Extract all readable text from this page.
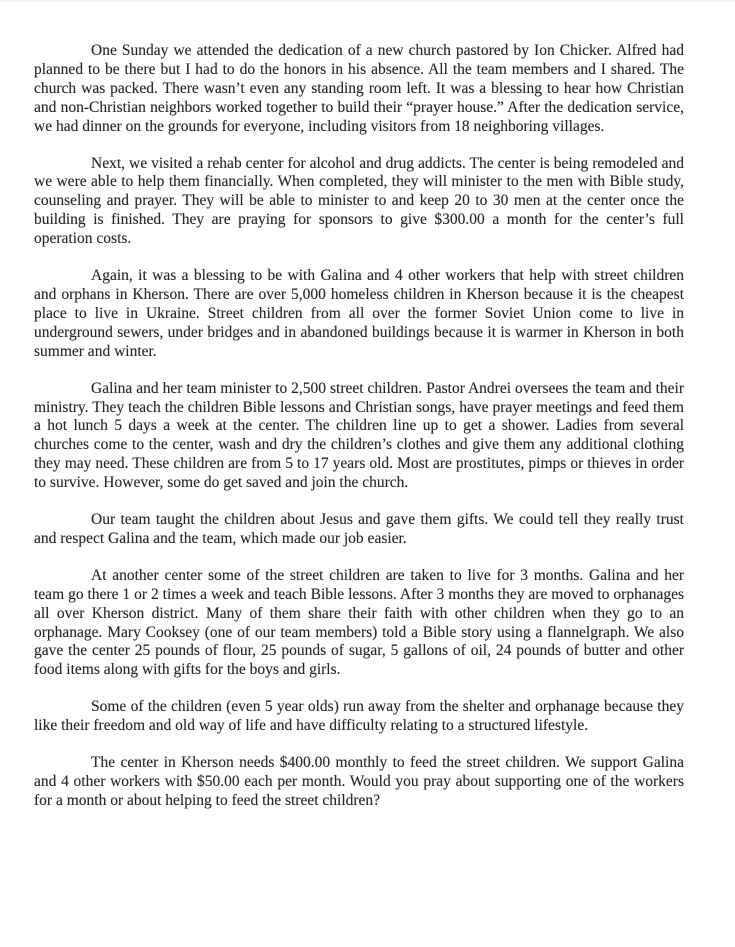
One Sunday we attended the dedication of a new church pastored by Ion Chicker. Alfred had planned to be there but I had to do the honors in his absence. All the team members and I shared. The church was packed. There wasn’t even any standing room left. It was a blessing to hear how Christian and non-Christian neighbors worked together to build their “prayer house.” After the dedication service, we had dinner on the grounds for everyone, including visitors from 18 neighboring villages.

Next, we visited a rehab center for alcohol and drug addicts. The center is being remodeled and we were able to help them financially. When completed, they will minister to the men with Bible study, counseling and prayer. They will be able to minister to and keep 20 to 30 men at the center once the building is finished. They are praying for sponsors to give $300.00 a month for the center’s full operation costs.

Again, it was a blessing to be with Galina and 4 other workers that help with street children and orphans in Kherson. There are over 5,000 homeless children in Kherson because it is the cheapest place to live in Ukraine. Street children from all over the former Soviet Union come to live in underground sewers, under bridges and in abandoned buildings because it is warmer in Kherson in both summer and winter.

Galina and her team minister to 2,500 street children. Pastor Andrei oversees the team and their ministry. They teach the children Bible lessons and Christian songs, have prayer meetings and feed them a hot lunch 5 days a week at the center. The children line up to get a shower. Ladies from several churches come to the center, wash and dry the children’s clothes and give them any additional clothing they may need. These children are from 5 to 17 years old. Most are prostitutes, pimps or thieves in order to survive. However, some do get saved and join the church.

Our team taught the children about Jesus and gave them gifts. We could tell they really trust and respect Galina and the team, which made our job easier.

At another center some of the street children are taken to live for 3 months. Galina and her team go there 1 or 2 times a week and teach Bible lessons. After 3 months they are moved to orphanages all over Kherson district. Many of them share their faith with other children when they go to an orphanage. Mary Cooksey (one of our team members) told a Bible story using a flannelgraph. We also gave the center 25 pounds of flour, 25 pounds of sugar, 5 gallons of oil, 24 pounds of butter and other food items along with gifts for the boys and girls.

Some of the children (even 5 year olds) run away from the shelter and orphanage because they like their freedom and old way of life and have difficulty relating to a structured lifestyle.

The center in Kherson needs $400.00 monthly to feed the street children. We support Galina and 4 other workers with $50.00 each per month. Would you pray about supporting one of the workers for a month or about helping to feed the street children?
